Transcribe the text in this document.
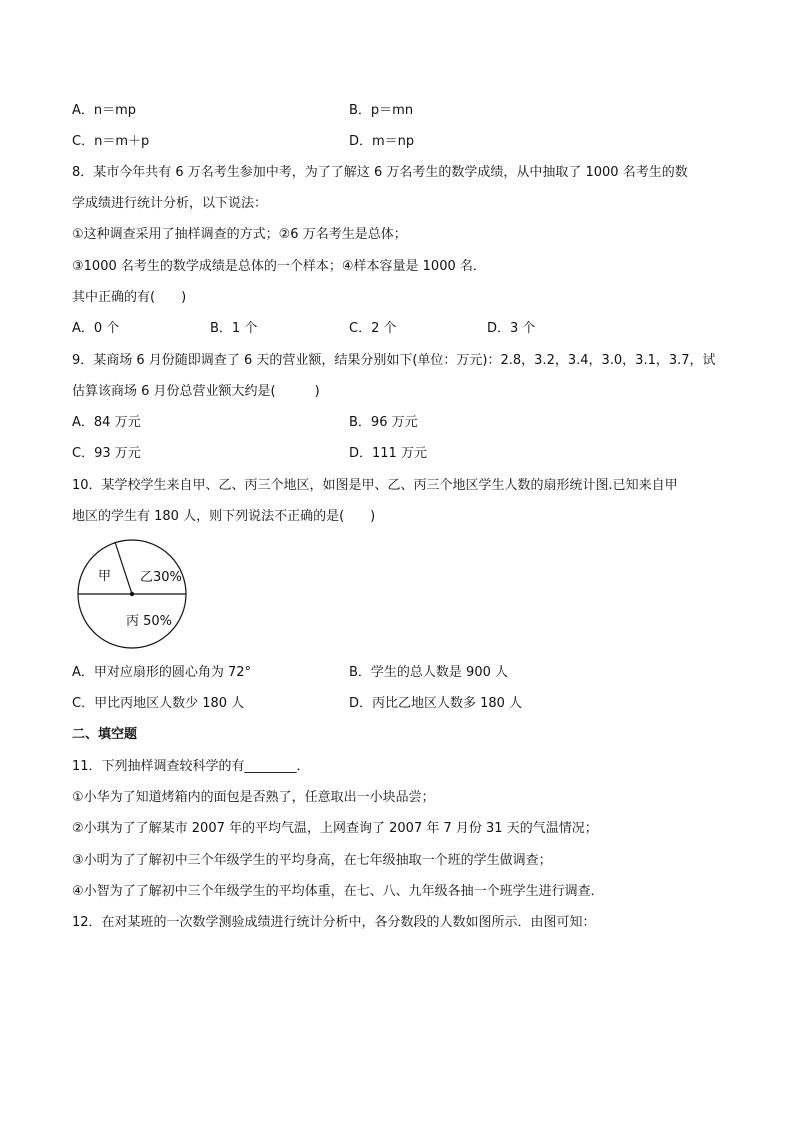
A．n＝mp	B．p＝mn
C．n＝m＋p	D．m＝np
8．某市今年共有 6 万名考生参加中考，为了了解这 6 万名考生的数学成绩，从中抽取了 1000 名考生的数
学成绩进行统计分析，以下说法：
①这种调查采用了抽样调查的方式；②6 万名考生是总体；
③1000 名考生的数学成绩是总体的一个样本；④样本容量是 1000 名．
其中正确的有(　　)
A．0 个	B．1 个	C．2 个	D．3 个
9．某商场 6 月份随即调查了 6 天的营业额，结果分别如下(单位：万元)：2.8，3.2，3.4，3.0，3.1，3.7，试
估算该商场 6 月份总营业额大约是(　　　)
A．84 万元	B．96 万元
C．93 万元	D．111 万元
10．某学校学生来自甲、乙、丙三个地区，如图是甲、乙、丙三个地区学生人数的扇形统计图.已知来自甲
地区的学生有 180 人，则下列说法不正确的是(　　)
甲 乙30%
丙 50%
A．甲对应扇形的圆心角为 72°	B．学生的总人数是 900 人
C．甲比丙地区人数少 180 人	D．丙比乙地区人数多 180 人
二、填空题
11．下列抽样调查较科学的有________．
①小华为了知道烤箱内的面包是否熟了，任意取出一小块品尝；
②小琪为了了解某市 2007 年的平均气温，上网查询了 2007 年 7 月份 31 天的气温情况；
③小明为了了解初中三个年级学生的平均身高，在七年级抽取一个班的学生做调查；
④小智为了了解初中三个年级学生的平均体重，在七、八、九年级各抽一个班学生进行调查．
12．在对某班的一次数学测验成绩进行统计分析中，各分数段的人数如图所示．由图可知：
